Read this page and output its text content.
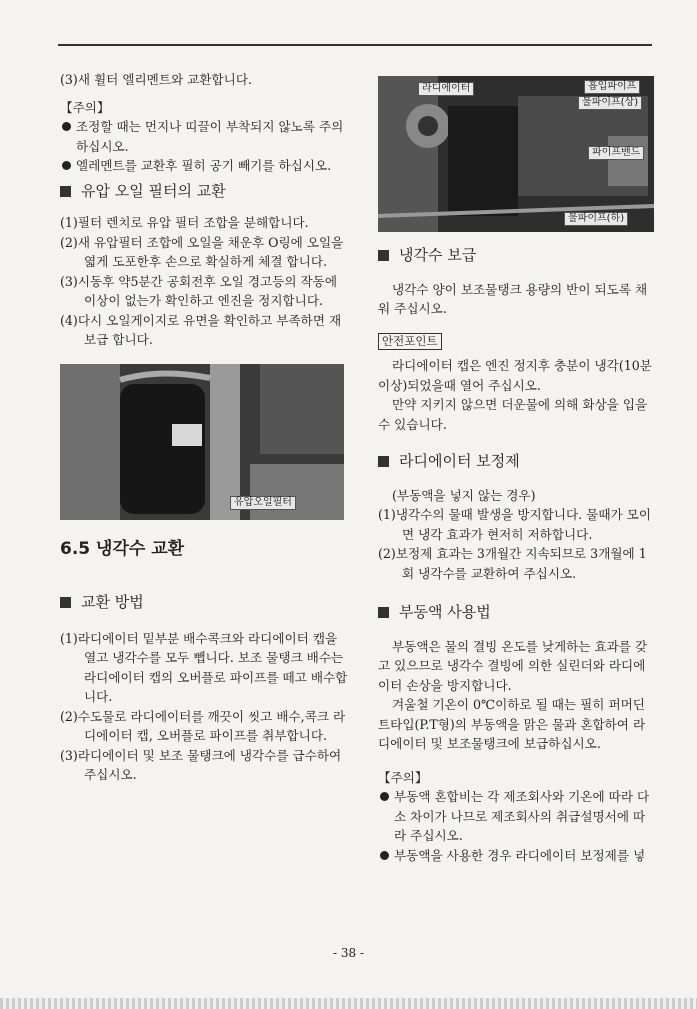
(3)새 휠터 엘리멘트와 교환합니다.

【주의】

조정할 때는 먼지나 띠끌이 부착되지 않노록 주의하십시오.

엘레멘트를 교환후 필히 공기 빼기를 하십시오.

유압 오일 필터의 교환

(1)필터 렌치로 유압 필터 조합을 분해합니다.

(2)새 유압필터 조합에 오일을 채운후 O링에 오일을 엷게 도포한후 손으로 확실하게 체결 합니다.

(3)시동후 약5분간 공회전후 오일 경고등의 작동에 이상이 없는가 확인하고 엔진을 정지합니다.

(4)다시 오일게이지로 유면을 확인하고 부족하면 재보급 합니다.

유압오일필터
6.5 냉각수 교환
교환 방법

(1)라디에이터 밑부분 배수콕크와 라디에이터 캡을 열고 냉각수를 모두 뺍니다. 보조 물탱크 배수는 라디에이터 캡의 오버플로 파이프를 떼고 배수합니다.

(2)수도물로 라디에이터를 깨끗이 씻고 배수,콕크 라디에이터 캡, 오버플로 파이프를 취부합니다.

(3)라디에이터 및 보조 물탱크에 냉각수를 급수하여 주십시오.

라디에이터	흡입파이프
물파이프(상)
파이프밴드
물파이프(하)
냉각수 보급

냉각수 양이 보조물탱크 용량의 반이 되도록 채워 주십시오.

안전포인트

라디에이터 캡은 엔진 정지후 충분이 냉각(10분 이상)되었을때 열어 주십시오.

만약 지키지 않으면 더운물에 의해 화상을 입을 수 있습니다.

라디에이터 보정제

(부동액을 넣지 않는 경우)

(1)냉각수의 물때 발생을 방지합니다. 물때가 모이면 냉각 효과가 현저히 저하합니다.

(2)보정제 효과는 3개월간 지속되므로 3개월에 1회 냉각수를 교환하여 주십시오.

부동액 사용법

부동액은 물의 결빙 온도를 낮게하는 효과를 갖고 있으므로 냉각수 결빙에 의한 실린더와 라디에이터 손상을 방지합니다.

겨울철 기온이 0℃이하로 될 때는 필히 퍼머딘트타입(P.T형)의 부동액을 맑은 물과 혼합하여 라디에이터 및 보조물탱크에 보급하십시오.

【주의】

부동액 혼합비는 각 제조회사와 기온에 따라 다소 차이가 나므로 제조회사의 취급설명서에 따라 주십시오.

부동액을 사용한 경우 라디에이터 보정제를 넣

- 38 -
